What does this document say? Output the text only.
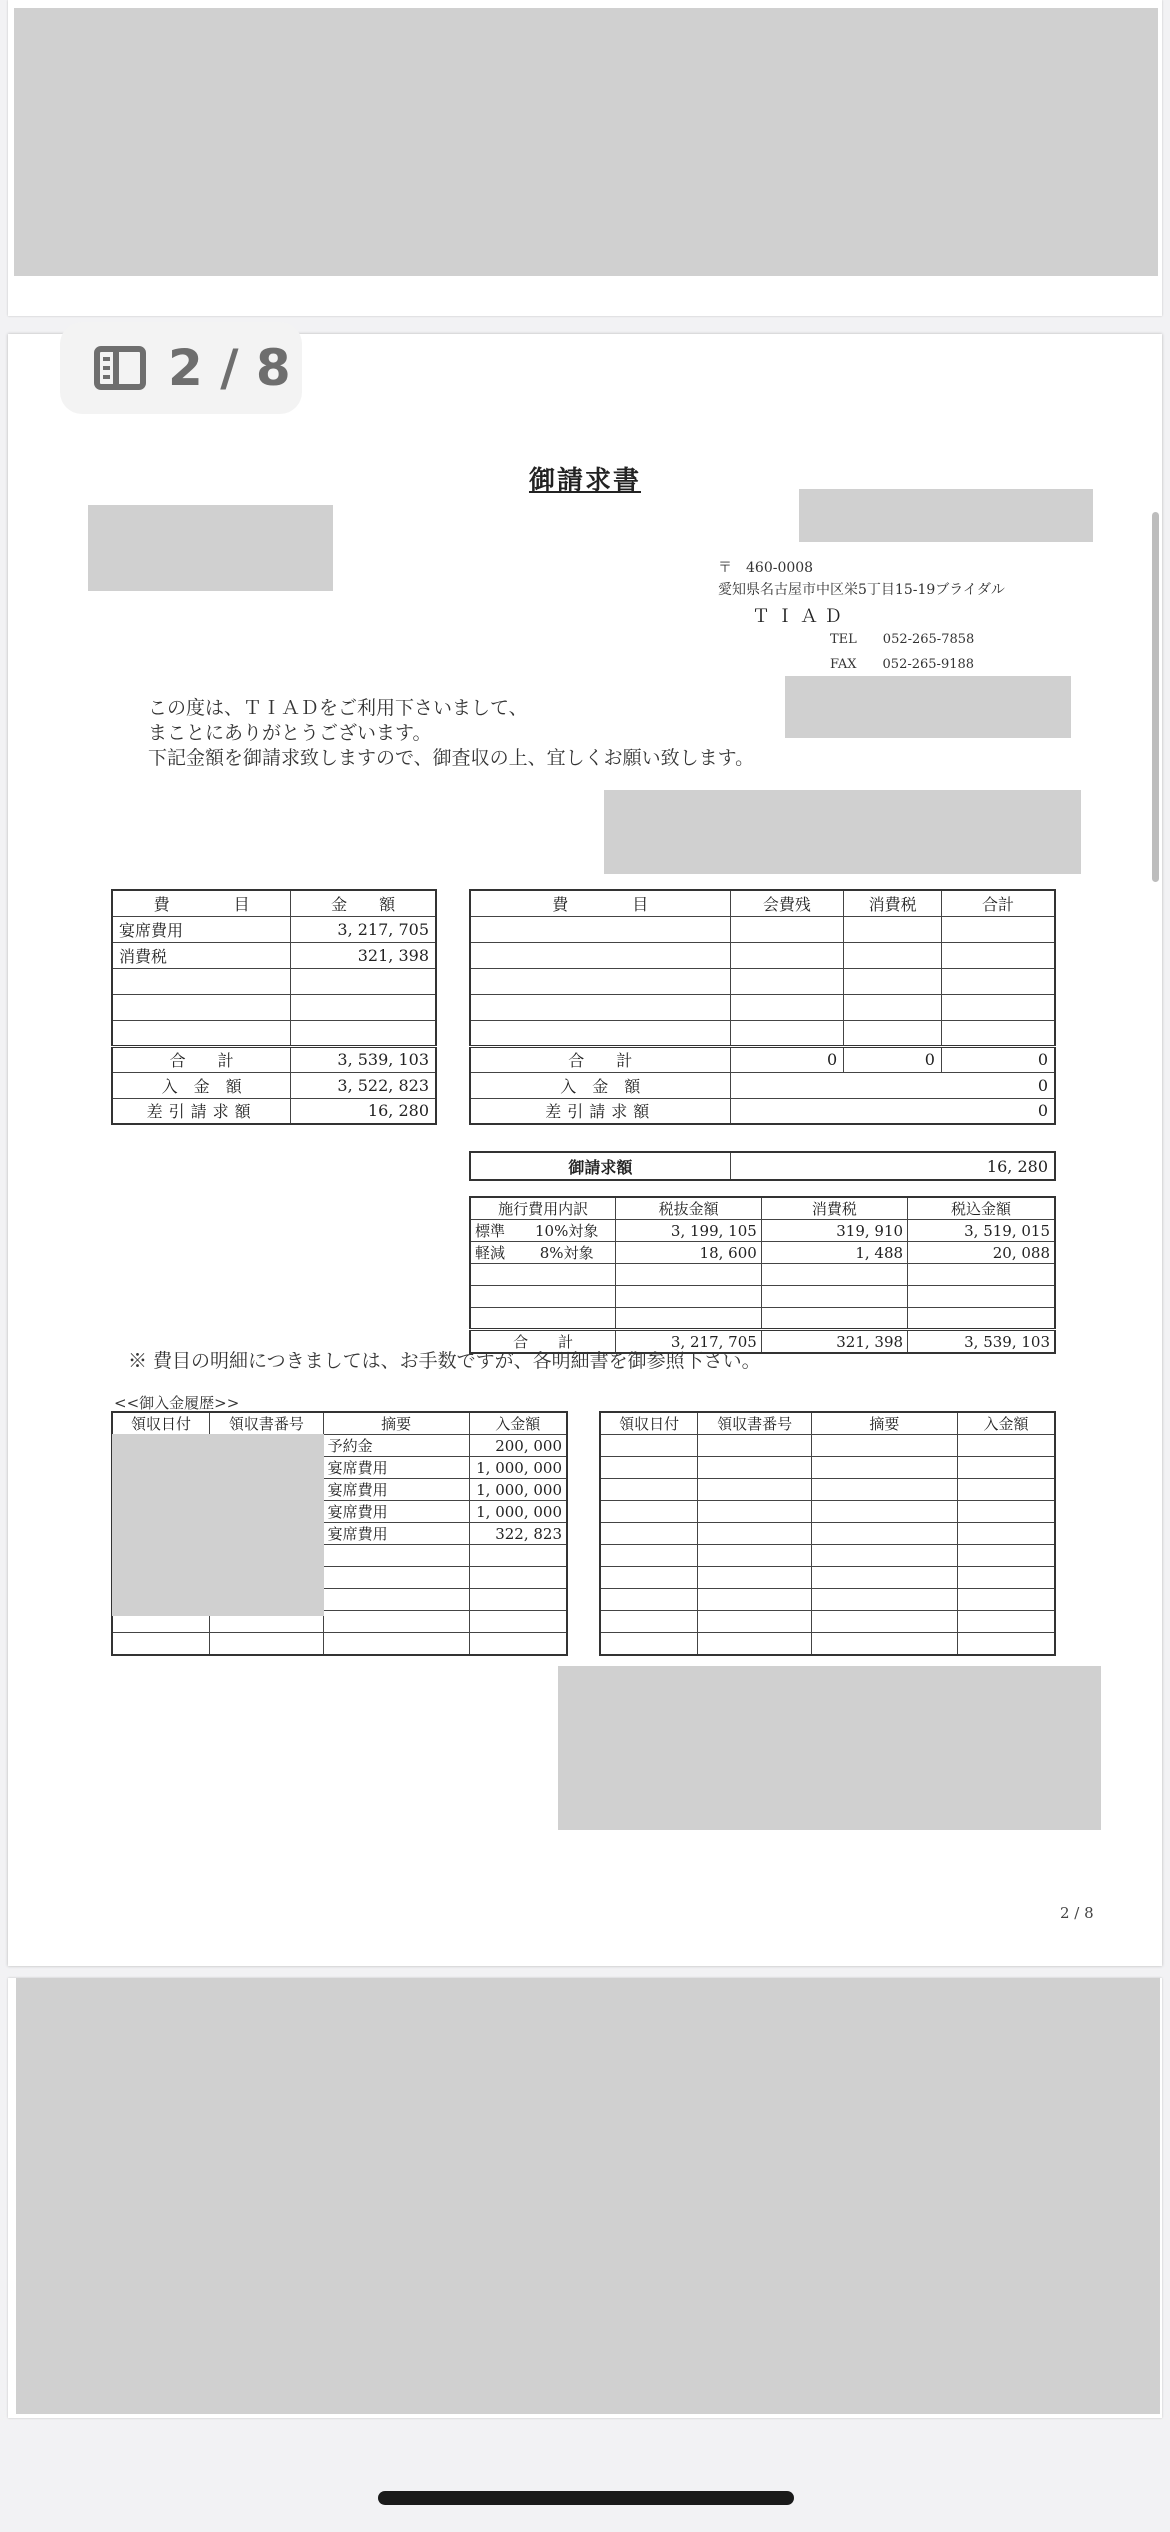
2 / 8
御請求書
〒　460-0008
愛知県名古屋市中区栄5丁目15-19ブライダル
ＴＩＡＤ
TEL　　052-265-7858
FAX　　052-265-9188
この度は、ＴＩＡＤをご利用下さいまして、
まことにありがとうございます。
下記金額を御請求致しますので、御査収の上、宜しくお願い致します。
費　　　　目	金　　額
宴席費用	3, 217, 705
消費税	321, 398

合　　計	3, 539, 103
入　金　額	3, 522, 823
差引請求額	16, 280
費　　　　目	会費残	消費税	合計

合　　計	0	0	0
入　金　額	0		
差引請求額	0		
御請求額	16, 280
施行費用内訳	税抜金額	消費税	税込金額
標準　　10%対象	3, 199, 105	319, 910	3, 519, 015
軽減　　 8%対象	18, 600	1, 488	20, 088

合　　計	3, 217, 705	321, 398	3, 539, 103
※ 費目の明細につきましては、お手数ですが、各明細書を御参照下さい。
<<御入金履歴>>
領収日付	領収書番号	摘要	入金額
		予約金	200, 000
		宴席費用	1, 000, 000
		宴席費用	1, 000, 000
		宴席費用	1, 000, 000
		宴席費用	322, 823

領収日付	領収書番号	摘要	入金額

2 / 8
